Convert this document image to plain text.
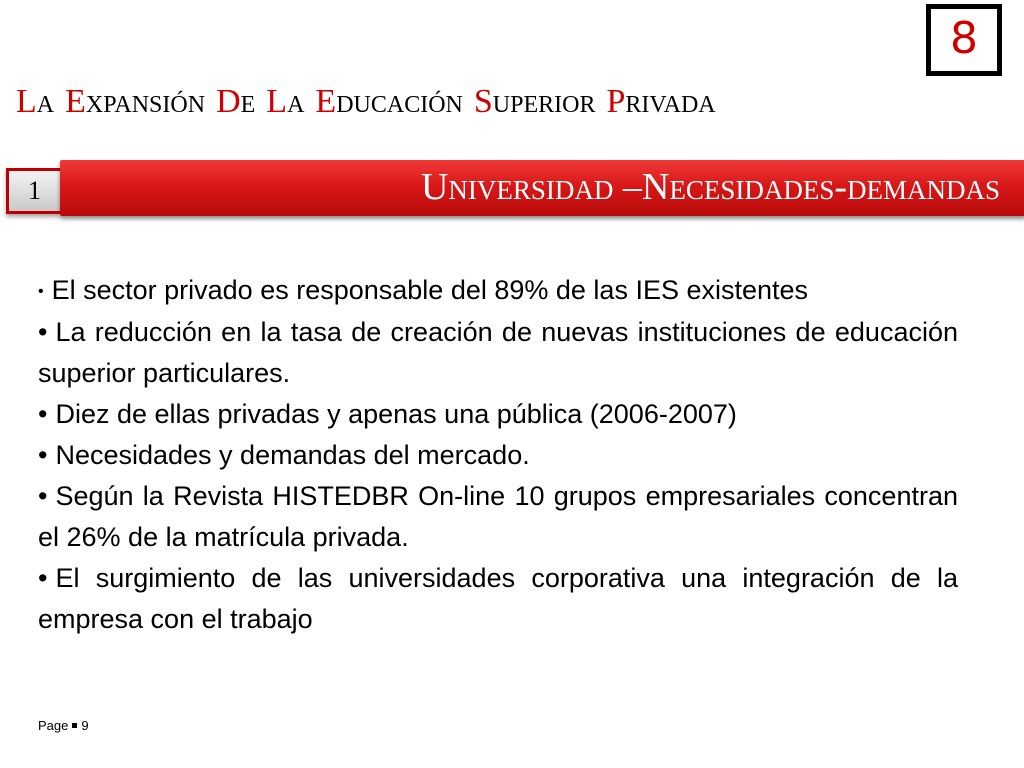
8
La Expansión De La Educación Superior Privada
1	Universidad –Necesidades-demandas
• El sector privado es responsable del 89% de las IES existentes
• La reducción en la tasa de creación de nuevas instituciones de educación superior particulares.
• Diez de ellas privadas y apenas una pública (2006-2007)
• Necesidades y demandas del mercado.
• Según la Revista HISTEDBR On-line 10 grupos empresariales concentran el 26% de la matrícula privada.
• El surgimiento de las universidades corporativa una integración de la empresa con el trabajo
Page 9
